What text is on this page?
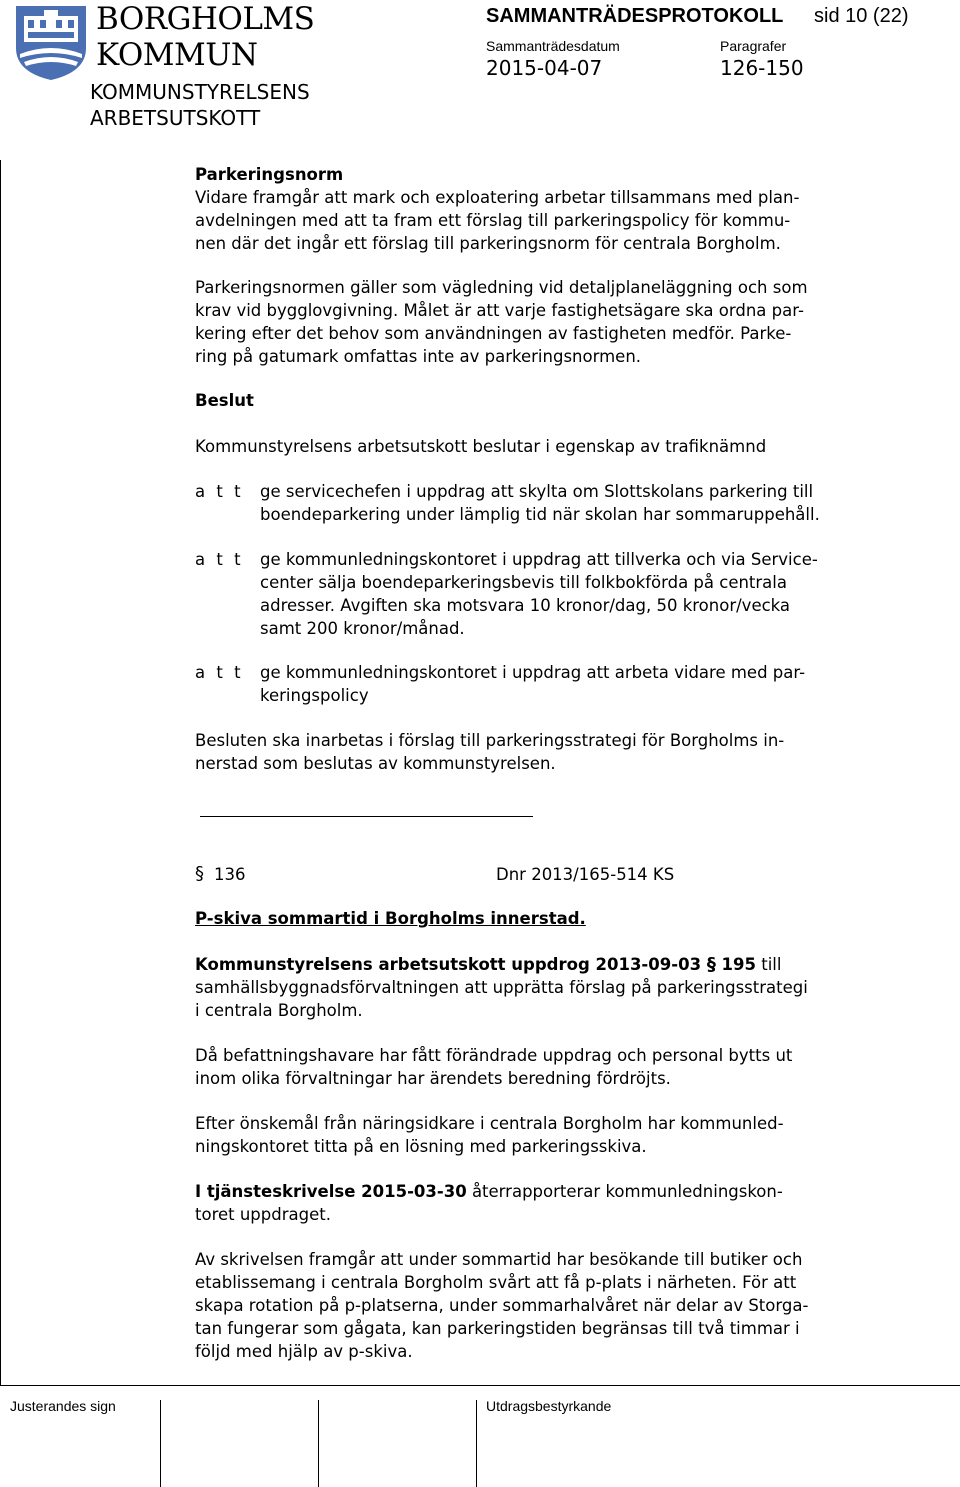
BORGHOLMS
KOMMUN
KOMMUNSTYRELSENS
ARBETSUTSKOTT
SAMMANTRÄDESPROTOKOLL sid 10 (22)
Sammanträdesdatum	Paragrafer
2015-04-07	126-150
Parkeringsnorm
Vidare framgår att mark och exploatering arbetar tillsammans med plan-
avdelningen med att ta fram ett förslag till parkeringspolicy för kommu-
nen där det ingår ett förslag till parkeringsnorm för centrala Borgholm.
Parkeringsnormen gäller som vägledning vid detaljplaneläggning och som
krav vid bygglovgivning. Målet är att varje fastighetsägare ska ordna par-
kering efter det behov som användningen av fastigheten medför. Parke-
ring på gatumark omfattas inte av parkeringsnormen.
Beslut
Kommunstyrelsens arbetsutskott beslutar i egenskap av trafiknämnd
a t t ge servicechefen i uppdrag att skylta om Slottskolans parkering till
boendeparkering under lämplig tid när skolan har sommaruppehåll.
a t t ge kommunledningskontoret i uppdrag att tillverka och via Service-
center sälja boendeparkeringsbevis till folkbokförda på centrala
adresser. Avgiften ska motsvara 10 kronor/dag, 50 kronor/vecka
samt 200 kronor/månad.
a t t ge kommunledningskontoret i uppdrag att arbeta vidare med par-
keringspolicy
Besluten ska inarbetas i förslag till parkeringsstrategi för Borgholms in-
nerstad som beslutas av kommunstyrelsen.
§ 136	Dnr 2013/165-514 KS
P-skiva sommartid i Borgholms innerstad.
Kommunstyrelsens arbetsutskott uppdrog 2013-09-03 § 195 till
samhällsbyggnadsförvaltningen att upprätta förslag på parkeringsstrategi
i centrala Borgholm.
Då befattningshavare har fått förändrade uppdrag och personal bytts ut
inom olika förvaltningar har ärendets beredning fördröjts.
Efter önskemål från näringsidkare i centrala Borgholm har kommunled-
ningskontoret titta på en lösning med parkeringsskiva.
I tjänsteskrivelse 2015-03-30 återrapporterar kommunledningskon-
toret uppdraget.
Av skrivelsen framgår att under sommartid har besökande till butiker och
etablissemang i centrala Borgholm svårt att få p-plats i närheten. För att
skapa rotation på p-platserna, under sommarhalvåret när delar av Storga-
tan fungerar som gågata, kan parkeringstiden begränsas till två timmar i
följd med hjälp av p-skiva.
Justerandes sign	Utdragsbestyrkande
